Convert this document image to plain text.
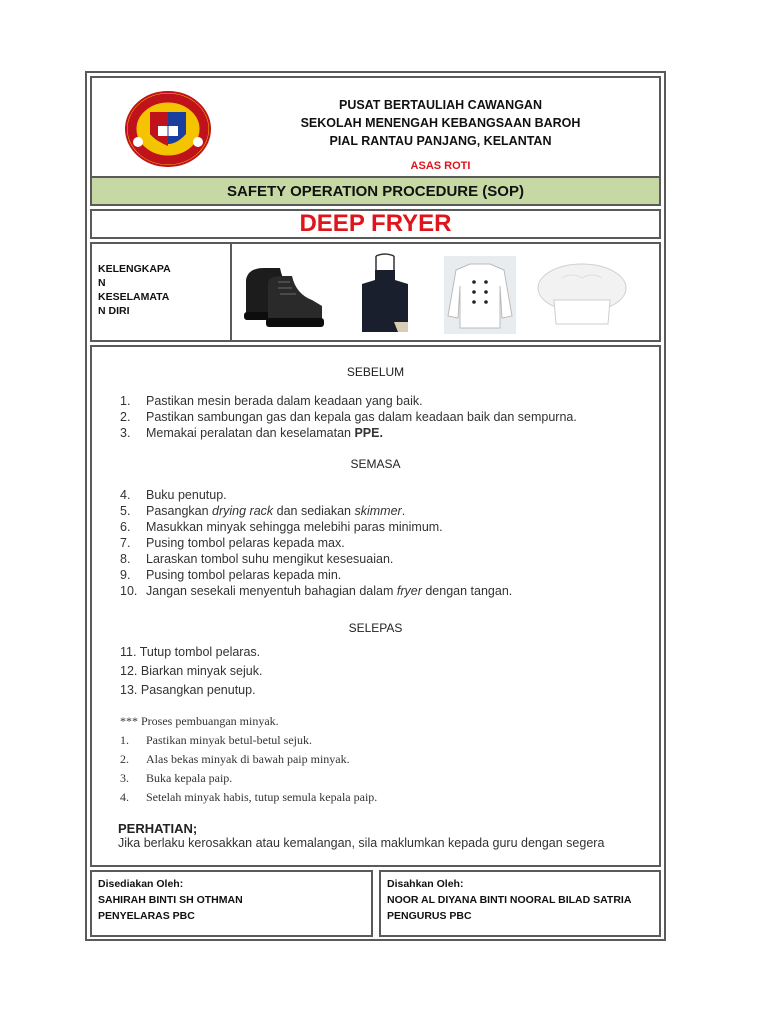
PUSAT BERTAULIAH CAWANGAN
SEKOLAH MENENGAH KEBANGSAAN BAROH
PIAL RANTAU PANJANG, KELANTAN
ASAS ROTI
SAFETY OPERATION PROCEDURE (SOP)
DEEP FRYER
KELENGKAPA
N
KESELAMATA
N DIRI
SEBELUM
1. Pastikan mesin berada dalam keadaan yang baik.
2. Pastikan sambungan gas dan kepala gas dalam keadaan baik dan sempurna.
3. Memakai peralatan dan keselamatan PPE.
SEMASA
4. Buku penutup.
5. Pasangkan drying rack dan sediakan skimmer.
6. Masukkan minyak sehingga melebihi paras minimum.
7. Pusing tombol pelaras kepada max.
8. Laraskan tombol suhu mengikut kesesuaian.
9. Pusing tombol pelaras kepada min.
10. Jangan sesekali menyentuh bahagian dalam fryer dengan tangan.
SELEPAS
11. Tutup tombol pelaras.
12. Biarkan minyak sejuk.
13. Pasangkan penutup.
*** Proses pembuangan minyak.
1. Pastikan minyak betul-betul sejuk.
2. Alas bekas minyak di bawah paip minyak.
3. Buka kepala paip.
4. Setelah minyak habis, tutup semula kepala paip.
PERHATIAN;
Jika berlaku kerosakkan atau kemalangan, sila maklumkan kepada guru dengan segera
Disediakan Oleh:
SAHIRAH BINTI SH OTHMAN
PENYELARAS PBC
Disahkan Oleh:
NOOR AL DIYANA BINTI NOORAL BILAD SATRIA
PENGURUS PBC
